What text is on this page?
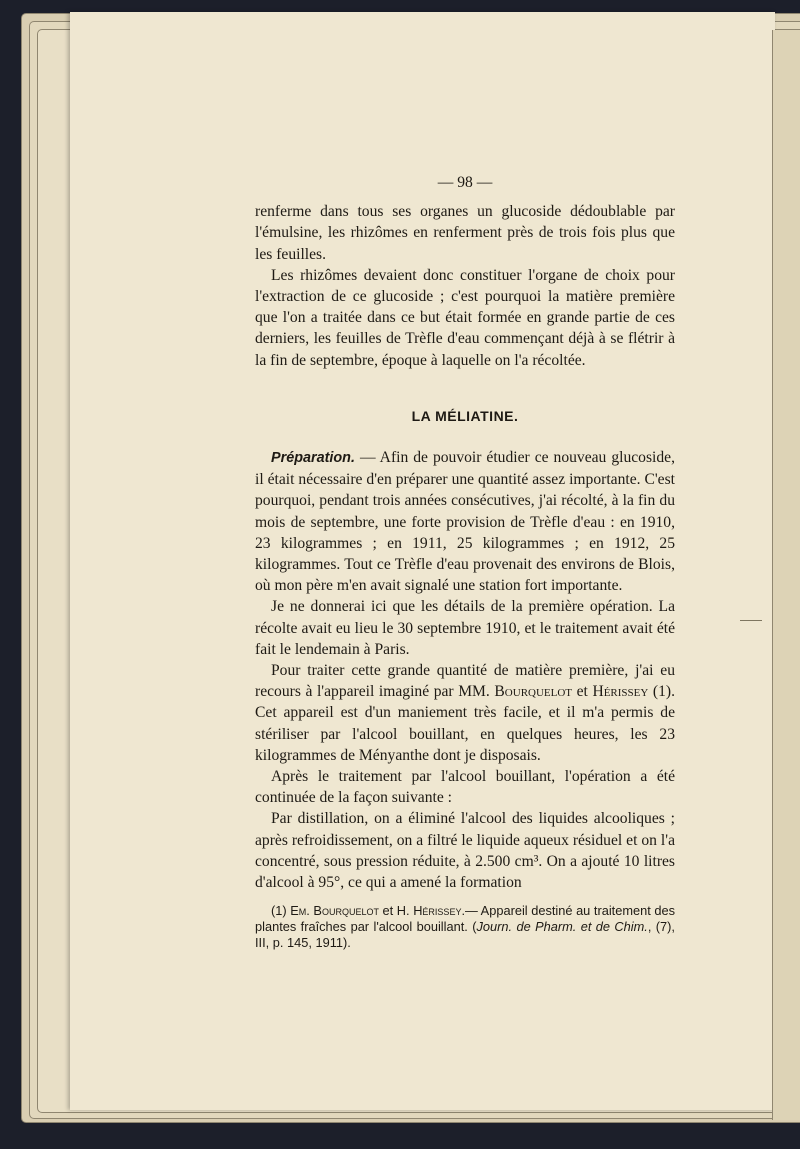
— 98 —

renferme dans tous ses organes un glucoside dédoublable par l'émulsine, les rhizômes en renferment près de trois fois plus que les feuilles.

Les rhizômes devaient donc constituer l'organe de choix pour l'extraction de ce glucoside ; c'est pourquoi la matière première que l'on a traitée dans ce but était formée en grande partie de ces derniers, les feuilles de Trèfle d'eau commençant déjà à se flétrir à la fin de septembre, époque à laquelle on l'a récoltée.

LA MÉLIATINE.

Préparation. — Afin de pouvoir étudier ce nouveau glucoside, il était nécessaire d'en préparer une quantité assez importante. C'est pourquoi, pendant trois années consécutives, j'ai récolté, à la fin du mois de septembre, une forte provision de Trèfle d'eau : en 1910, 23 kilogrammes ; en 1911, 25 kilogrammes ; en 1912, 25 kilogrammes. Tout ce Trèfle d'eau provenait des environs de Blois, où mon père m'en avait signalé une station fort importante.

Je ne donnerai ici que les détails de la première opération. La récolte avait eu lieu le 30 septembre 1910, et le traitement avait été fait le lendemain à Paris.

Pour traiter cette grande quantité de matière première, j'ai eu recours à l'appareil imaginé par MM. Bourquelot et Hérissey (1). Cet appareil est d'un maniement très facile, et il m'a permis de stériliser par l'alcool bouillant, en quelques heures, les 23 kilogrammes de Ményanthe dont je disposais.

Après le traitement par l'alcool bouillant, l'opération a été continuée de la façon suivante :

Par distillation, on a éliminé l'alcool des liquides alcooliques ; après refroidissement, on a filtré le liquide aqueux résiduel et on l'a concentré, sous pression réduite, à 2.500 cm³. On a ajouté 10 litres d'alcool à 95°, ce qui a amené la formation

(1) Em. Bourquelot et H. Hérissey.— Appareil destiné au traitement des plantes fraîches par l'alcool bouillant. (Journ. de Pharm. et de Chim., (7), III, p. 145, 1911).
